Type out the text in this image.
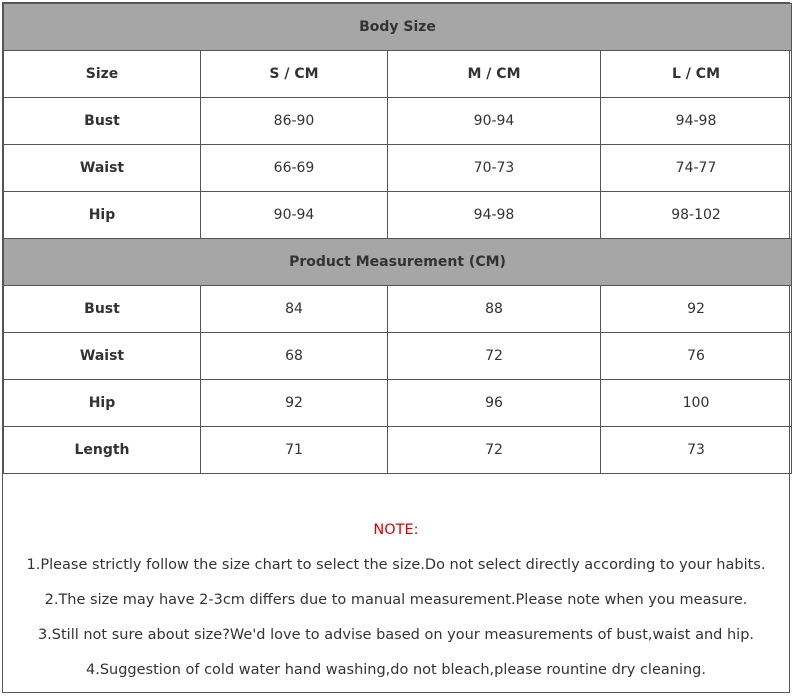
Body Size			
Size	S / CM	M / CM	L / CM
Bust	86-90	90-94	94-98
Waist	66-69	70-73	74-77
Hip	90-94	94-98	98-102
Product Measurement (CM)			
Bust	84	88	92
Waist	68	72	76
Hip	92	96	100
Length	71	72	73
NOTE:
1.Please strictly follow the size chart to select the size.Do not select directly according to your habits.
2.The size may have 2-3cm differs due to manual measurement.Please note when you measure.
3.Still not sure about size?We'd love to advise based on your measurements of bust,waist and hip.
4.Suggestion of cold water hand washing,do not bleach,please rountine dry cleaning.
